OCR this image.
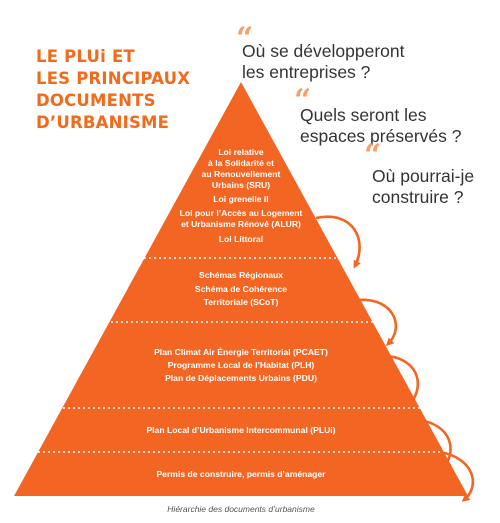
LE PLUi ET
LES PRINCIPAUX
DOCUMENTS
D’URBANISME
“
Où se développeront
les entreprises ?
“
Quels seront les
espaces préservés ?
“
Où pourrai-je
construire ?
Loi relative
à la Solidarité et
au Renouvellement
Urbains (SRU)
Loi grenelle II
Loi pour l’Accès au Logement
et Urbanisme Rénové (ALUR)
Loi Littoral
Schémas Régionaux
Schéma de Cohérence
Territoriale (SCoT)
Plan Climat Air Énergie Territorial (PCAET)
Programme Local de l’Habitat (PLH)
Plan de Déplacements Urbains (PDU)
Plan Local d’Urbanisme Intercommunal (PLUi)
Permis de construire, permis d’aménager
Hiérarchie des documents d’urbanisme
